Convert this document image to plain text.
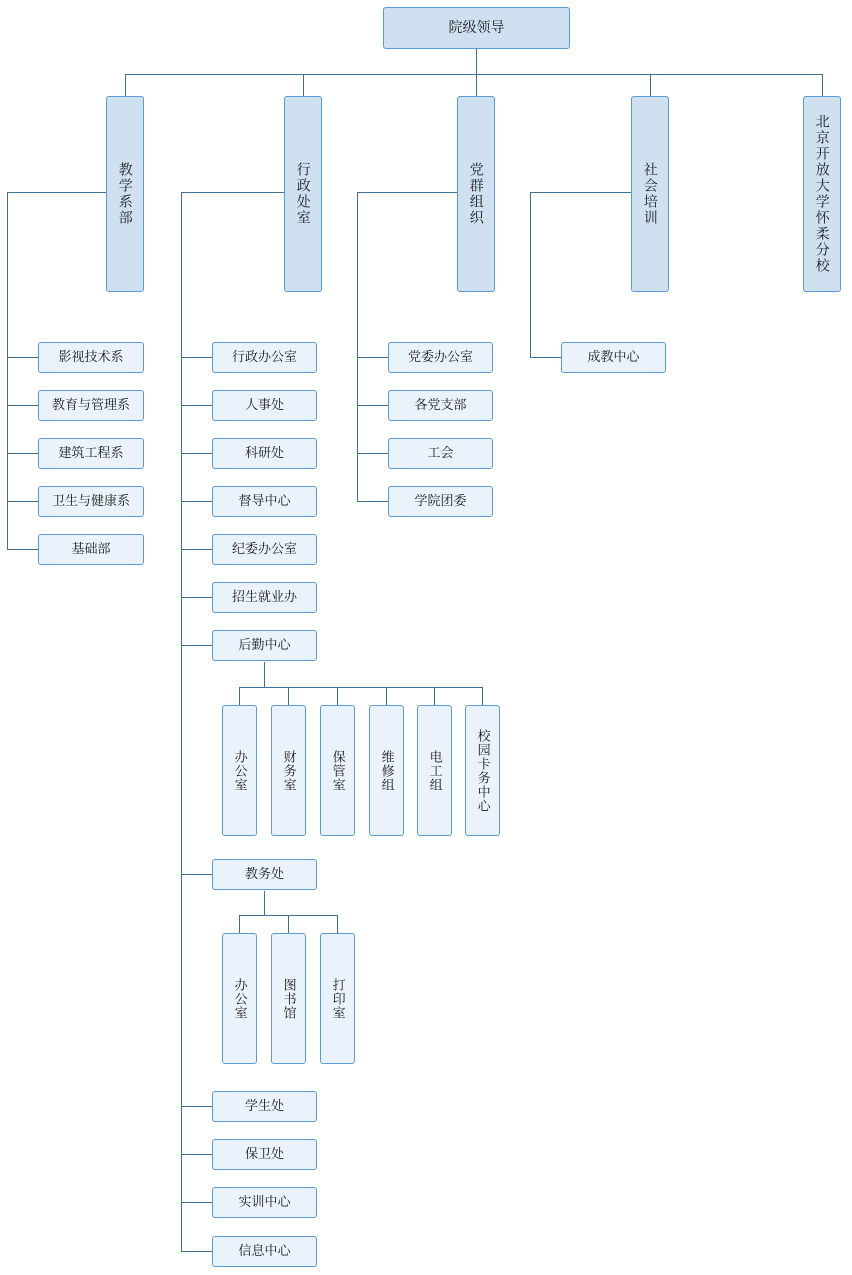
院级领导
教学系部	行政处室	党群组织	社会培训	北京开放大学怀柔分校
影视技术系
教育与管理系
建筑工程系
卫生与健康系
基础部
行政办公室
人事处
科研处
督导中心
纪委办公室
招生就业办
后勤中心
教务处
学生处
保卫处
实训中心
信息中心
办公室	财务室	保管室	维修组	电工组	校园卡务中心
办公室	图书馆	打印室
党委办公室
各党支部
工会
学院团委
成教中心
